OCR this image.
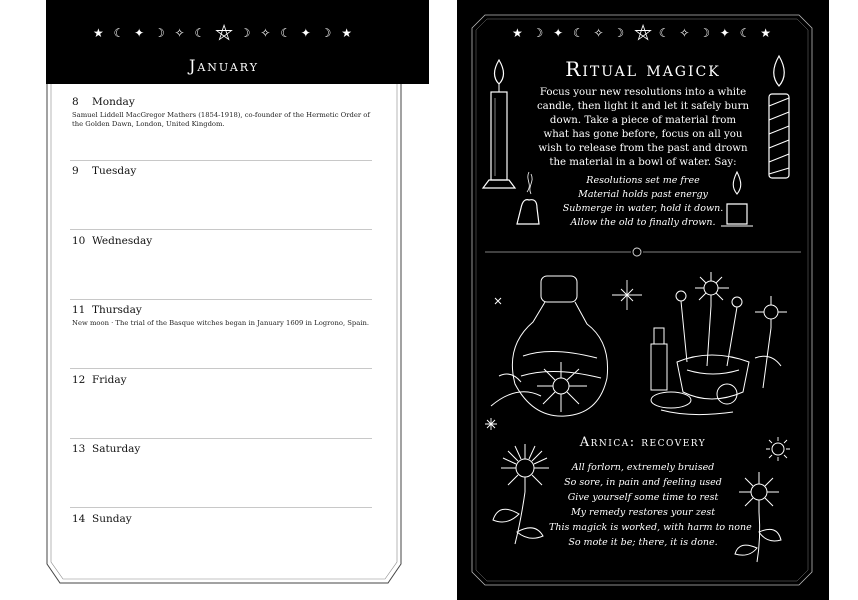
★ ☾ ✦ ☽ ✧ ☾ ⛤ ☽ ✧ ☾ ✦ ☽ ★
January
8 Monday
Samuel Liddell MacGregor Mathers (1854-1918), co-founder of the Hermetic Order of the Golden Dawn, London, United Kingdom.
9 Tuesday
10 Wednesday
11 Thursday
New moon · The trial of the Basque witches began in January 1609 in Logrono, Spain.
12 Friday
13 Saturday
14 Sunday
★ ☽ ✦ ☾ ✧ ☽ ⛤ ☾ ✧ ☽ ✦ ☾ ★
Ritual magick
Focus your new resolutions into a white
candle, then light it and let it safely burn
down. Take a piece of material from
what has gone before, focus on all you
wish to release from the past and drown
the material in a bowl of water. Say:
Resolutions set me free
Material holds past energy
Submerge in water, hold it down.
Allow the old to finally drown.
Arnica: recovery
All forlorn, extremely bruised
So sore, in pain and feeling used
Give yourself some time to rest
My remedy restores your zest
This magick is worked, with harm to none
So mote it be; there, it is done.
